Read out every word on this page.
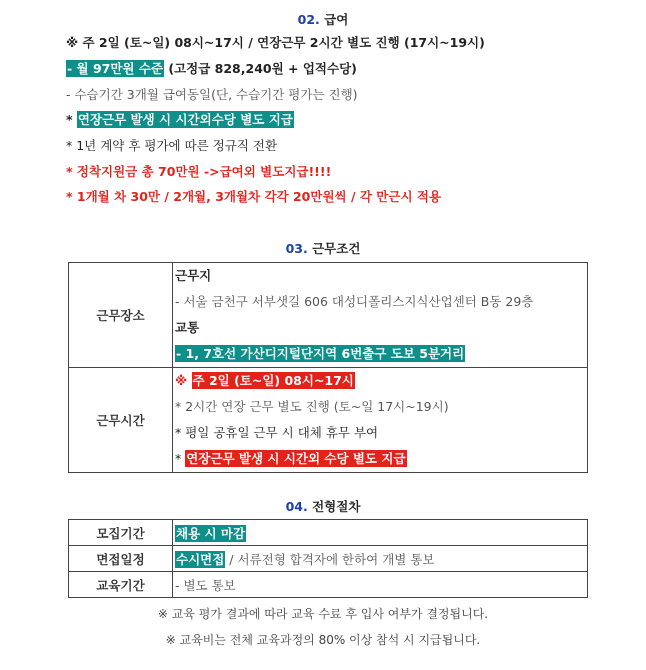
02. 급여
※ 주 2일 (토~일) 08시~17시 / 연장근무 2시간 별도 진행 (17시~19시)
- 월 97만원 수준 (고정급 828,240원 + 업적수당)
- 수습기간 3개월 급여동일(단, 수습기간 평가는 진행)
* 연장근무 발생 시 시간외수당 별도 지급
* 1년 계약 후 평가에 따른 정규직 전환
* 정착지원금 총 70만원 ->급여외 별도지급!!!!
* 1개월 차 30만 / 2개월, 3개월차 각각 20만원씩 / 각 만근시 적용
03. 근무조건
근무장소	근무지
- 서울 금천구 서부샛길 606 대성디폴리스지식산업센터 B동 29층
교통
- 1, 7호선 가산디지털단지역 6번출구 도보 5분거리

근무시간	※ 주 2일 (토~일) 08시~17시
* 2시간 연장 근무 별도 진행 (토~일 17시~19시)
* 평일 공휴일 근무 시 대체 휴무 부여
* 연장근무 발생 시 시간외 수당 별도 지급
04. 전형절차
모집기간	채용 시 마감
면접일정	수시면접 / 서류전형 합격자에 한하여 개별 통보
교육기간	- 별도 통보
※ 교육 평가 결과에 따라 교육 수료 후 입사 여부가 결정됩니다.
※ 교육비는 전체 교육과정의 80% 이상 참석 시 지급됩니다.
